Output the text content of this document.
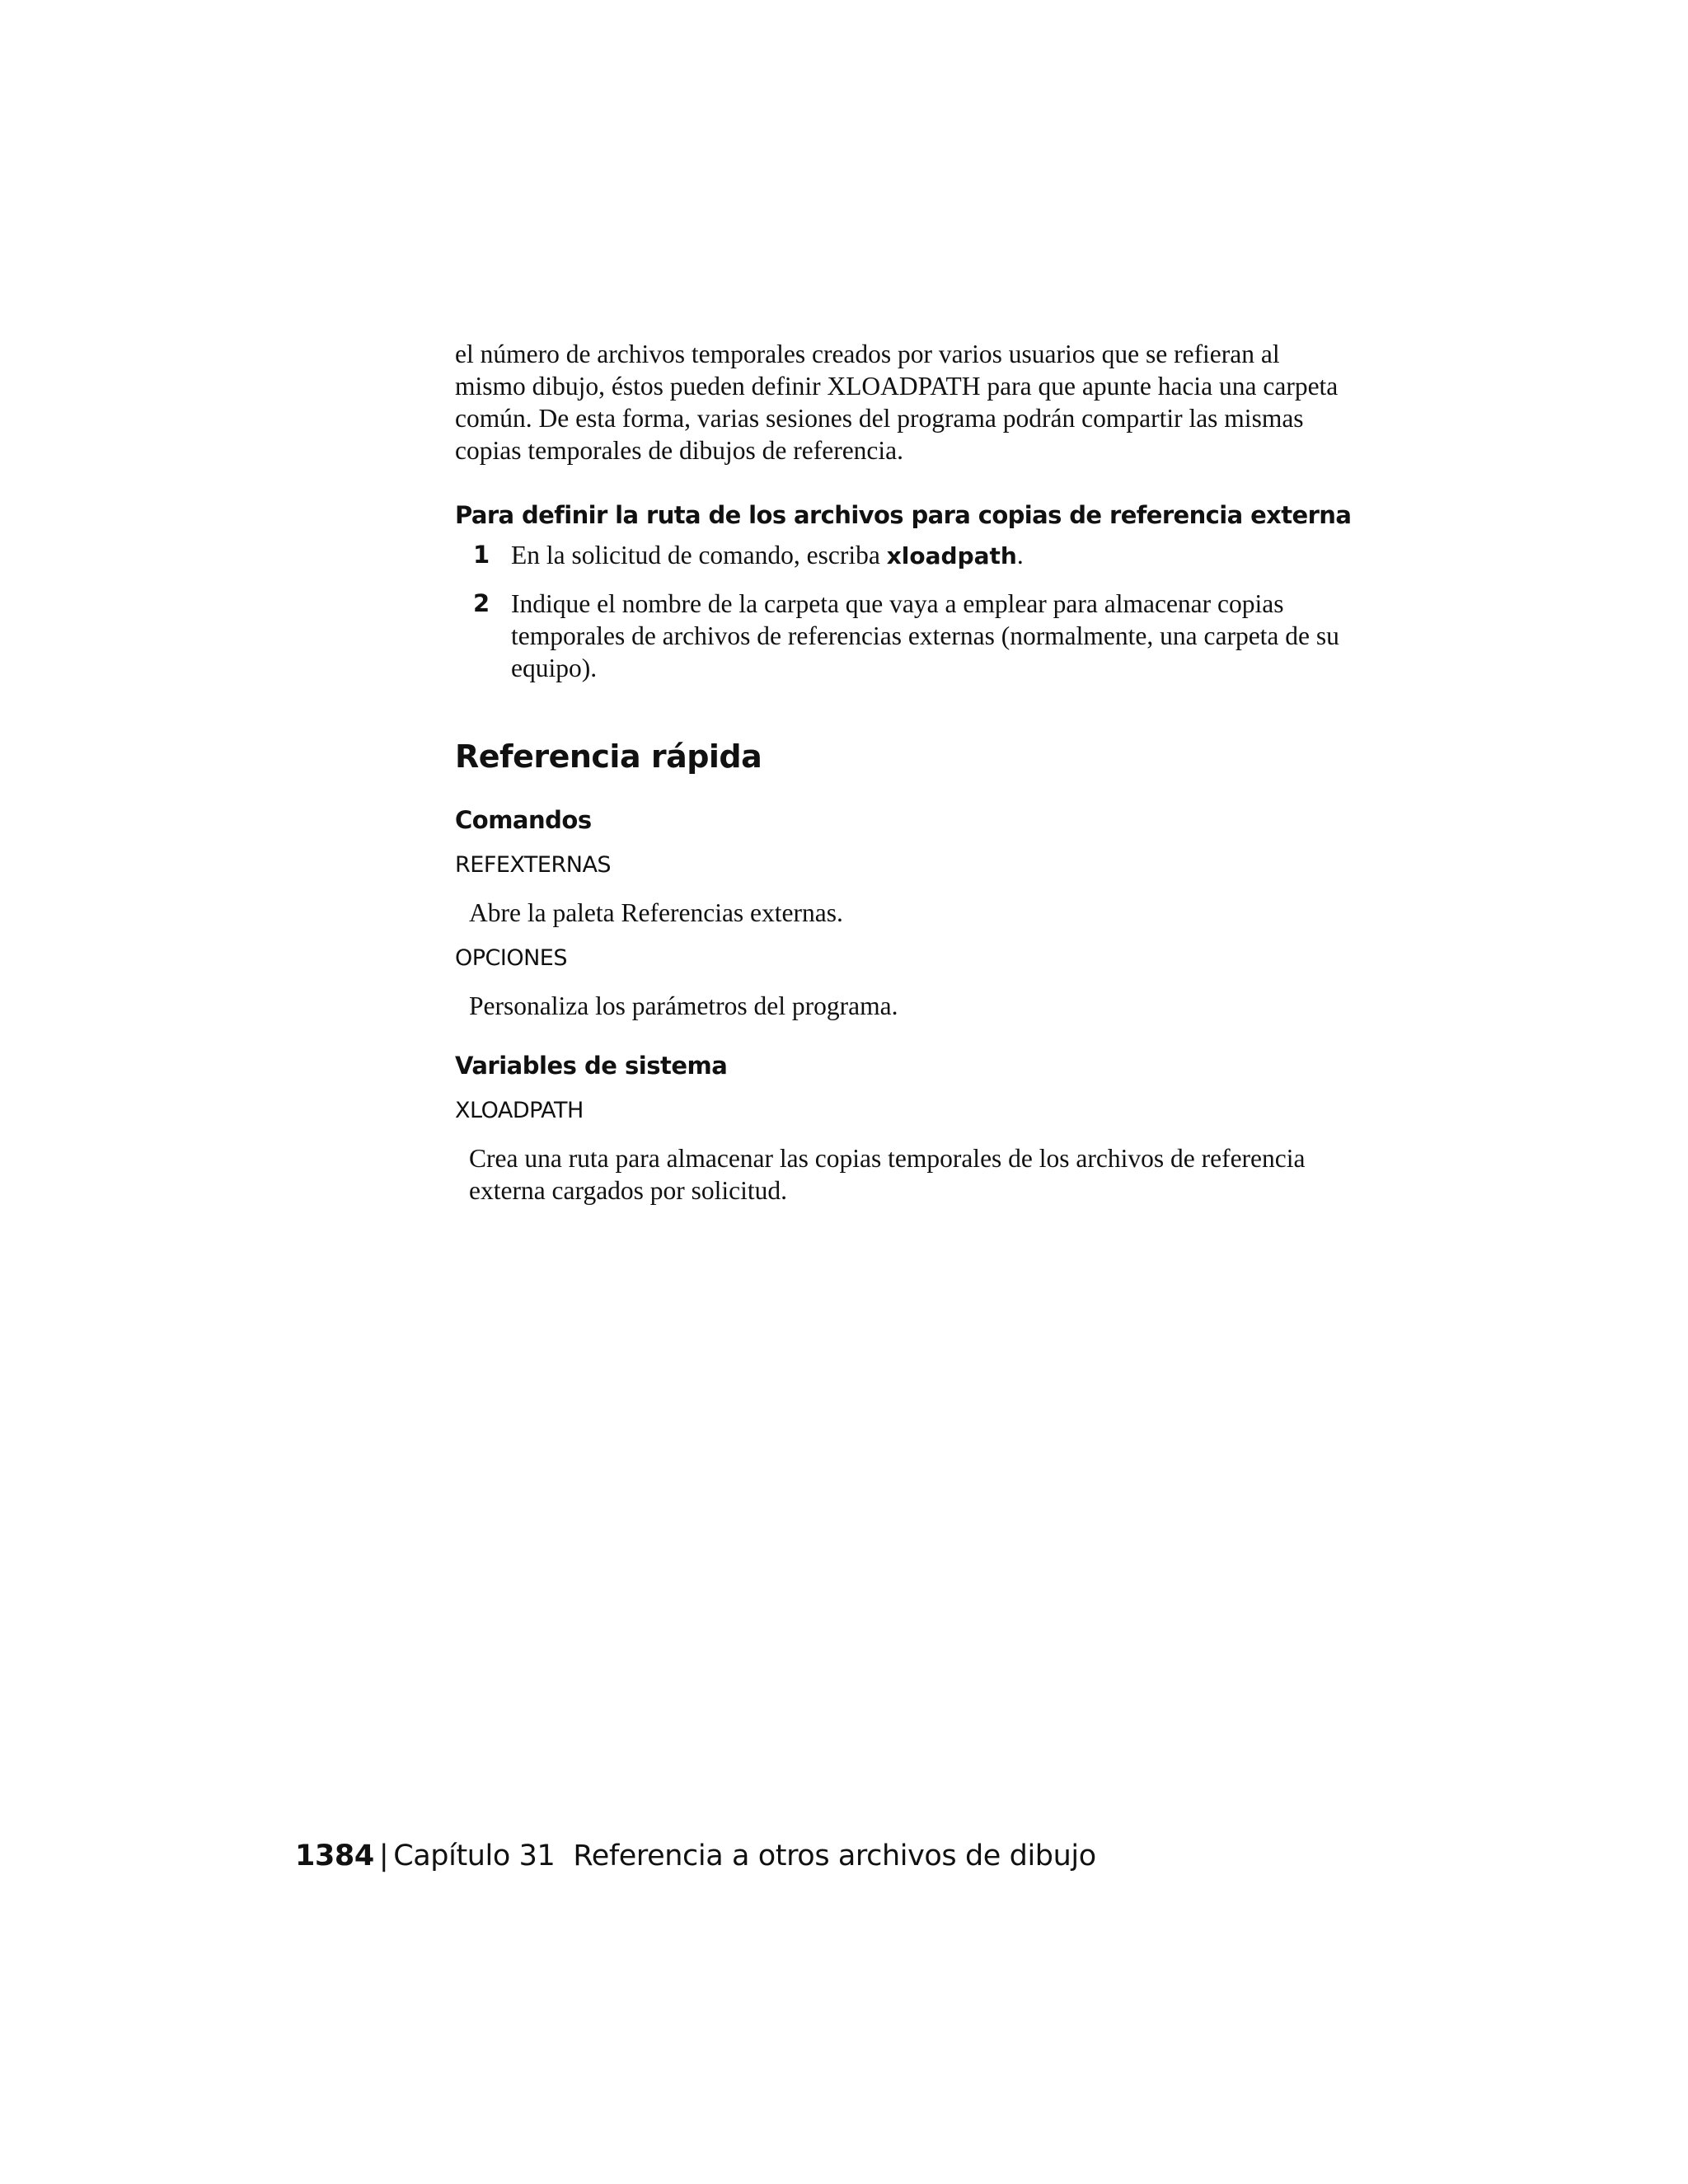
el número de archivos temporales creados por varios usuarios que se refieran al mismo dibujo, éstos pueden definir XLOADPATH para que apunte hacia una carpeta común. De esta forma, varias sesiones del programa podrán compartir las mismas copias temporales de dibujos de referencia.

Para definir la ruta de los archivos para copias de referencia externa
1 En la solicitud de comando, escriba xloadpath.
2 Indique el nombre de la carpeta que vaya a emplear para almacenar copias temporales de archivos de referencias externas (normalmente, una carpeta de su equipo).
Referencia rápida
Comandos
REFEXTERNAS

Abre la paleta Referencias externas.

OPCIONES

Personaliza los parámetros del programa.

Variables de sistema
XLOADPATH

Crea una ruta para almacenar las copias temporales de los archivos de referencia externa cargados por solicitud.

1384 | Capítulo 31 Referencia a otros archivos de dibujo
